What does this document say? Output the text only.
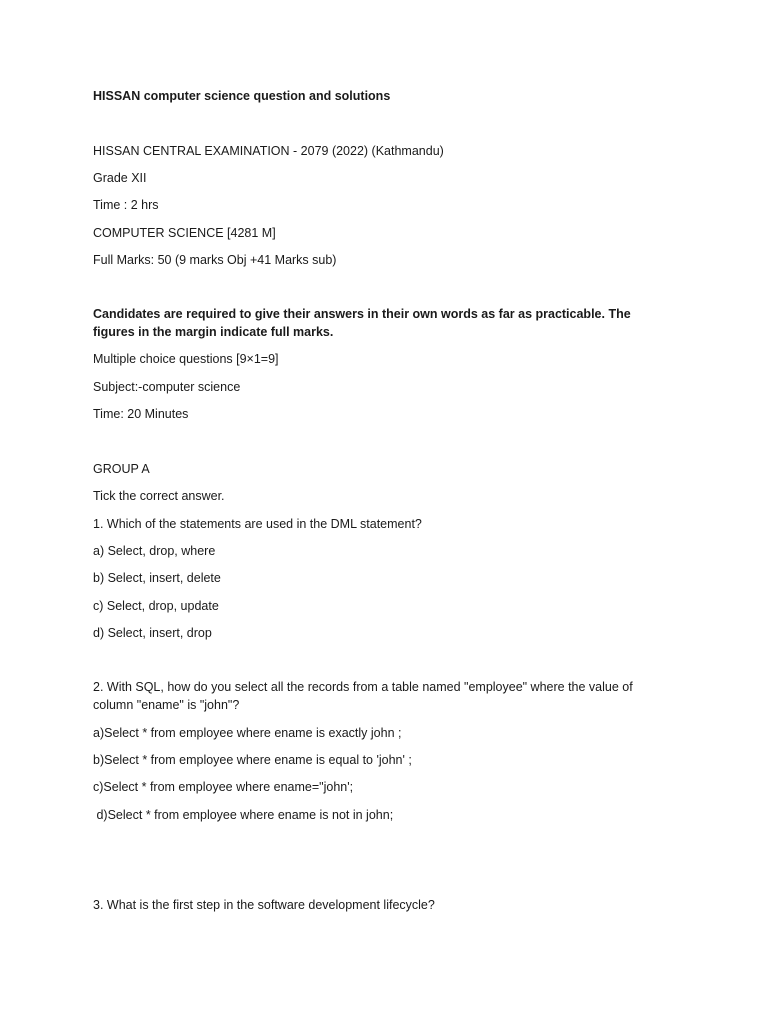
HISSAN computer science question and solutions

HISSAN CENTRAL EXAMINATION - 2079 (2022) (Kathmandu)

Grade XII

Time : 2 hrs

COMPUTER SCIENCE [4281 M]

Full Marks: 50 (9 marks Obj +41 Marks sub)

Candidates are required to give their answers in their own words as far as practicable. The figures in the margin indicate full marks.

Multiple choice questions [9×1=9]

Subject:-computer science

Time: 20 Minutes

GROUP A

Tick the correct answer.

1. Which of the statements are used in the DML statement?

a) Select, drop, where

b) Select, insert, delete

c) Select, drop, update

d) Select, insert, drop

2. With SQL, how do you select all the records from a table named "employee" where the value of column "ename" is "john"?

a)Select * from employee where ename is exactly john ;

b)Select * from employee where ename is equal to 'john' ;

c)Select * from employee where ename="john';

d)Select * from employee where ename is not in john;

3. What is the first step in the software development lifecycle?
